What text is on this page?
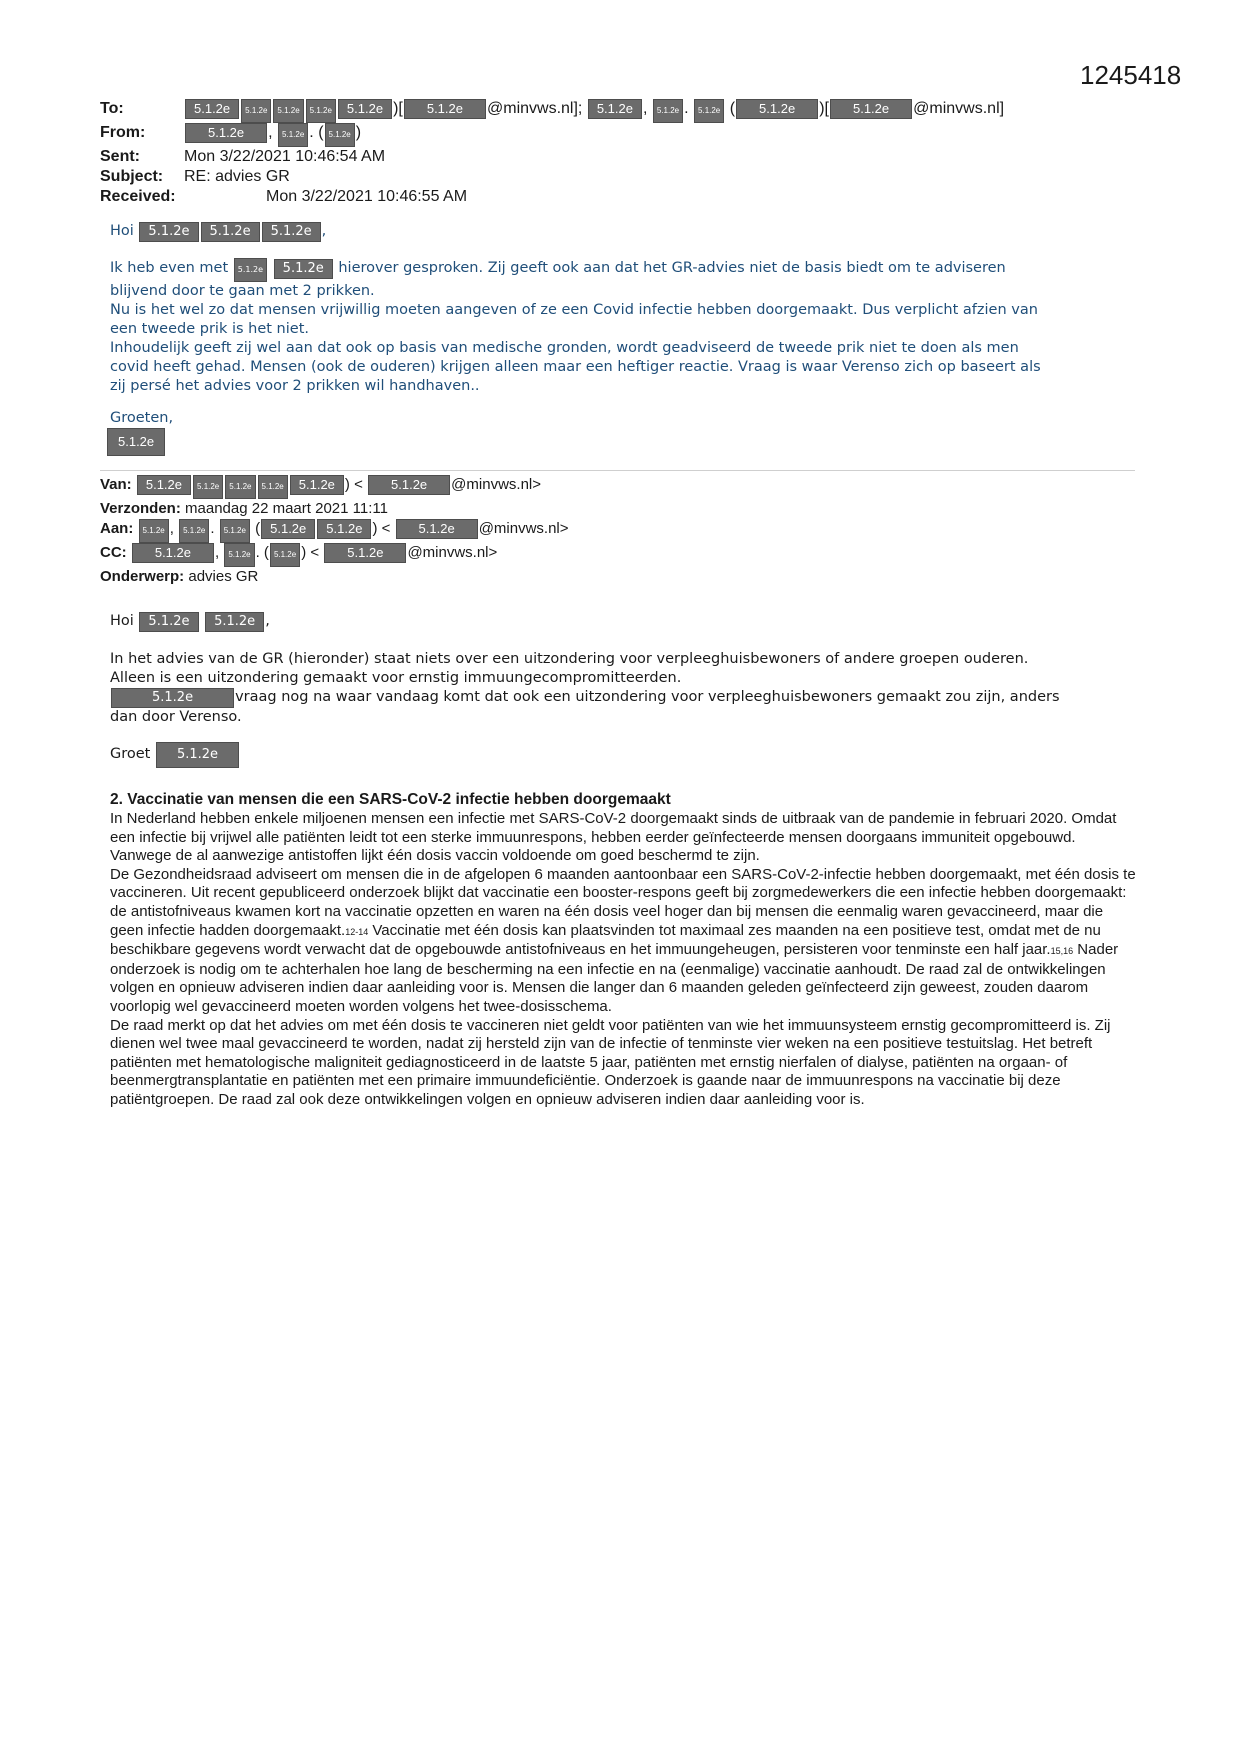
1245418
To:	5.1.2e 5.1.2e 5.1.2e 5.1.2e 5.1.2e )[ 5.1.2e @minvws.nl]; 5.1.2e , 5.1.2e . 5.1.2e ( 5.1.2e )[ 5.1.2e @minvws.nl]
From:	5.1.2e , 5.1.2e . ( 5.1.2e )
Sent:	Mon 3/22/2021 10:46:54 AM
Subject: RE: advies GR
Received:	Mon 3/22/2021 10:46:55 AM
Hoi 5.1.2e 5.1.2e 5.1.2e ,

Ik heb even met 5.1.2e 5.1.2e hierover gesproken. Zij geeft ook aan dat het GR-advies niet de basis biedt om te adviseren

blijvend door te gaan met 2 prikken.

Nu is het wel zo dat mensen vrijwillig moeten aangeven of ze een Covid infectie hebben doorgemaakt. Dus verplicht afzien van

een tweede prik is het niet.

Inhoudelijk geeft zij wel aan dat ook op basis van medische gronden, wordt geadviseerd de tweede prik niet te doen als men

covid heeft gehad. Mensen (ook de ouderen) krijgen alleen maar een heftiger reactie. Vraag is waar Verenso zich op baseert als

zij persé het advies voor 2 prikken wil handhaven..

Groeten,
5.1.2e
Van: 5.1.2e 5.1.2e 5.1.2e 5.1.2e 5.1.2e ) < 5.1.2e @minvws.nl>
Verzonden: maandag 22 maart 2021 11:11
Aan: 5.1.2e , 5.1.2e . 5.1.2e ( 5.1.2e 5.1.2e ) < 5.1.2e @minvws.nl>
CC: 5.1.2e , 5.1.2e . ( 5.1.2e ) < 5.1.2e @minvws.nl>
Onderwerp: advies GR
Hoi 5.1.2e 5.1.2e ,

In het advies van de GR (hieronder) staat niets over een uitzondering voor verpleeghuisbewoners of andere groepen ouderen.

Alleen is een uitzondering gemaakt voor ernstig immuungecompromitteerden.

5.1.2e	vraag nog na waar vandaag komt dat ook een uitzondering voor verpleeghuisbewoners gemaakt zou zijn, anders

dan door Verenso.

Groet 5.1.2e
2. Vaccinatie van mensen die een SARS-CoV-2 infectie hebben doorgemaakt

In Nederland hebben enkele miljoenen mensen een infectie met SARS-CoV-2 doorgemaakt sinds de uitbraak van de pandemie in februari 2020. Omdat een infectie bij vrijwel alle patiënten leidt tot een sterke immuunrespons, hebben eerder geïnfecteerde mensen doorgaans immuniteit opgebouwd. Vanwege de al aanwezige antistoffen lijkt één dosis vaccin voldoende om goed beschermd te zijn.

De Gezondheidsraad adviseert om mensen die in de afgelopen 6 maanden aantoonbaar een SARS-CoV-2-infectie hebben doorgemaakt, met één dosis te vaccineren. Uit recent gepubliceerd onderzoek blijkt dat vaccinatie een booster-respons geeft bij zorgmedewerkers die een infectie hebben doorgemaakt: de antistofniveaus kwamen kort na vaccinatie opzetten en waren na één dosis veel hoger dan bij mensen die eenmalig waren gevaccineerd, maar die geen infectie hadden doorgemaakt.12-14 Vaccinatie met één dosis kan plaatsvinden tot maximaal zes maanden na een positieve test, omdat met de nu beschikbare gegevens wordt verwacht dat de opgebouwde antistofniveaus en het immuungeheugen, persisteren voor tenminste een half jaar.15,16 Nader onderzoek is nodig om te achterhalen hoe lang de bescherming na een infectie en na (eenmalige) vaccinatie aanhoudt. De raad zal de ontwikkelingen volgen en opnieuw adviseren indien daar aanleiding voor is. Mensen die langer dan 6 maanden geleden geïnfecteerd zijn geweest, zouden daarom voorlopig wel gevaccineerd moeten worden volgens het twee-dosisschema.

De raad merkt op dat het advies om met één dosis te vaccineren niet geldt voor patiënten van wie het immuunsysteem ernstig gecompromitteerd is. Zij dienen wel twee maal gevaccineerd te worden, nadat zij hersteld zijn van de infectie of tenminste vier weken na een positieve testuitslag. Het betreft patiënten met hematologische maligniteit gediagnosticeerd in de laatste 5 jaar, patiënten met ernstig nierfalen of dialyse, patiënten na orgaan- of beenmergtransplantatie en patiënten met een primaire immuundeficiëntie. Onderzoek is gaande naar de immuunrespons na vaccinatie bij deze patiëntgroepen. De raad zal ook deze ontwikkelingen volgen en opnieuw adviseren indien daar aanleiding voor is.
